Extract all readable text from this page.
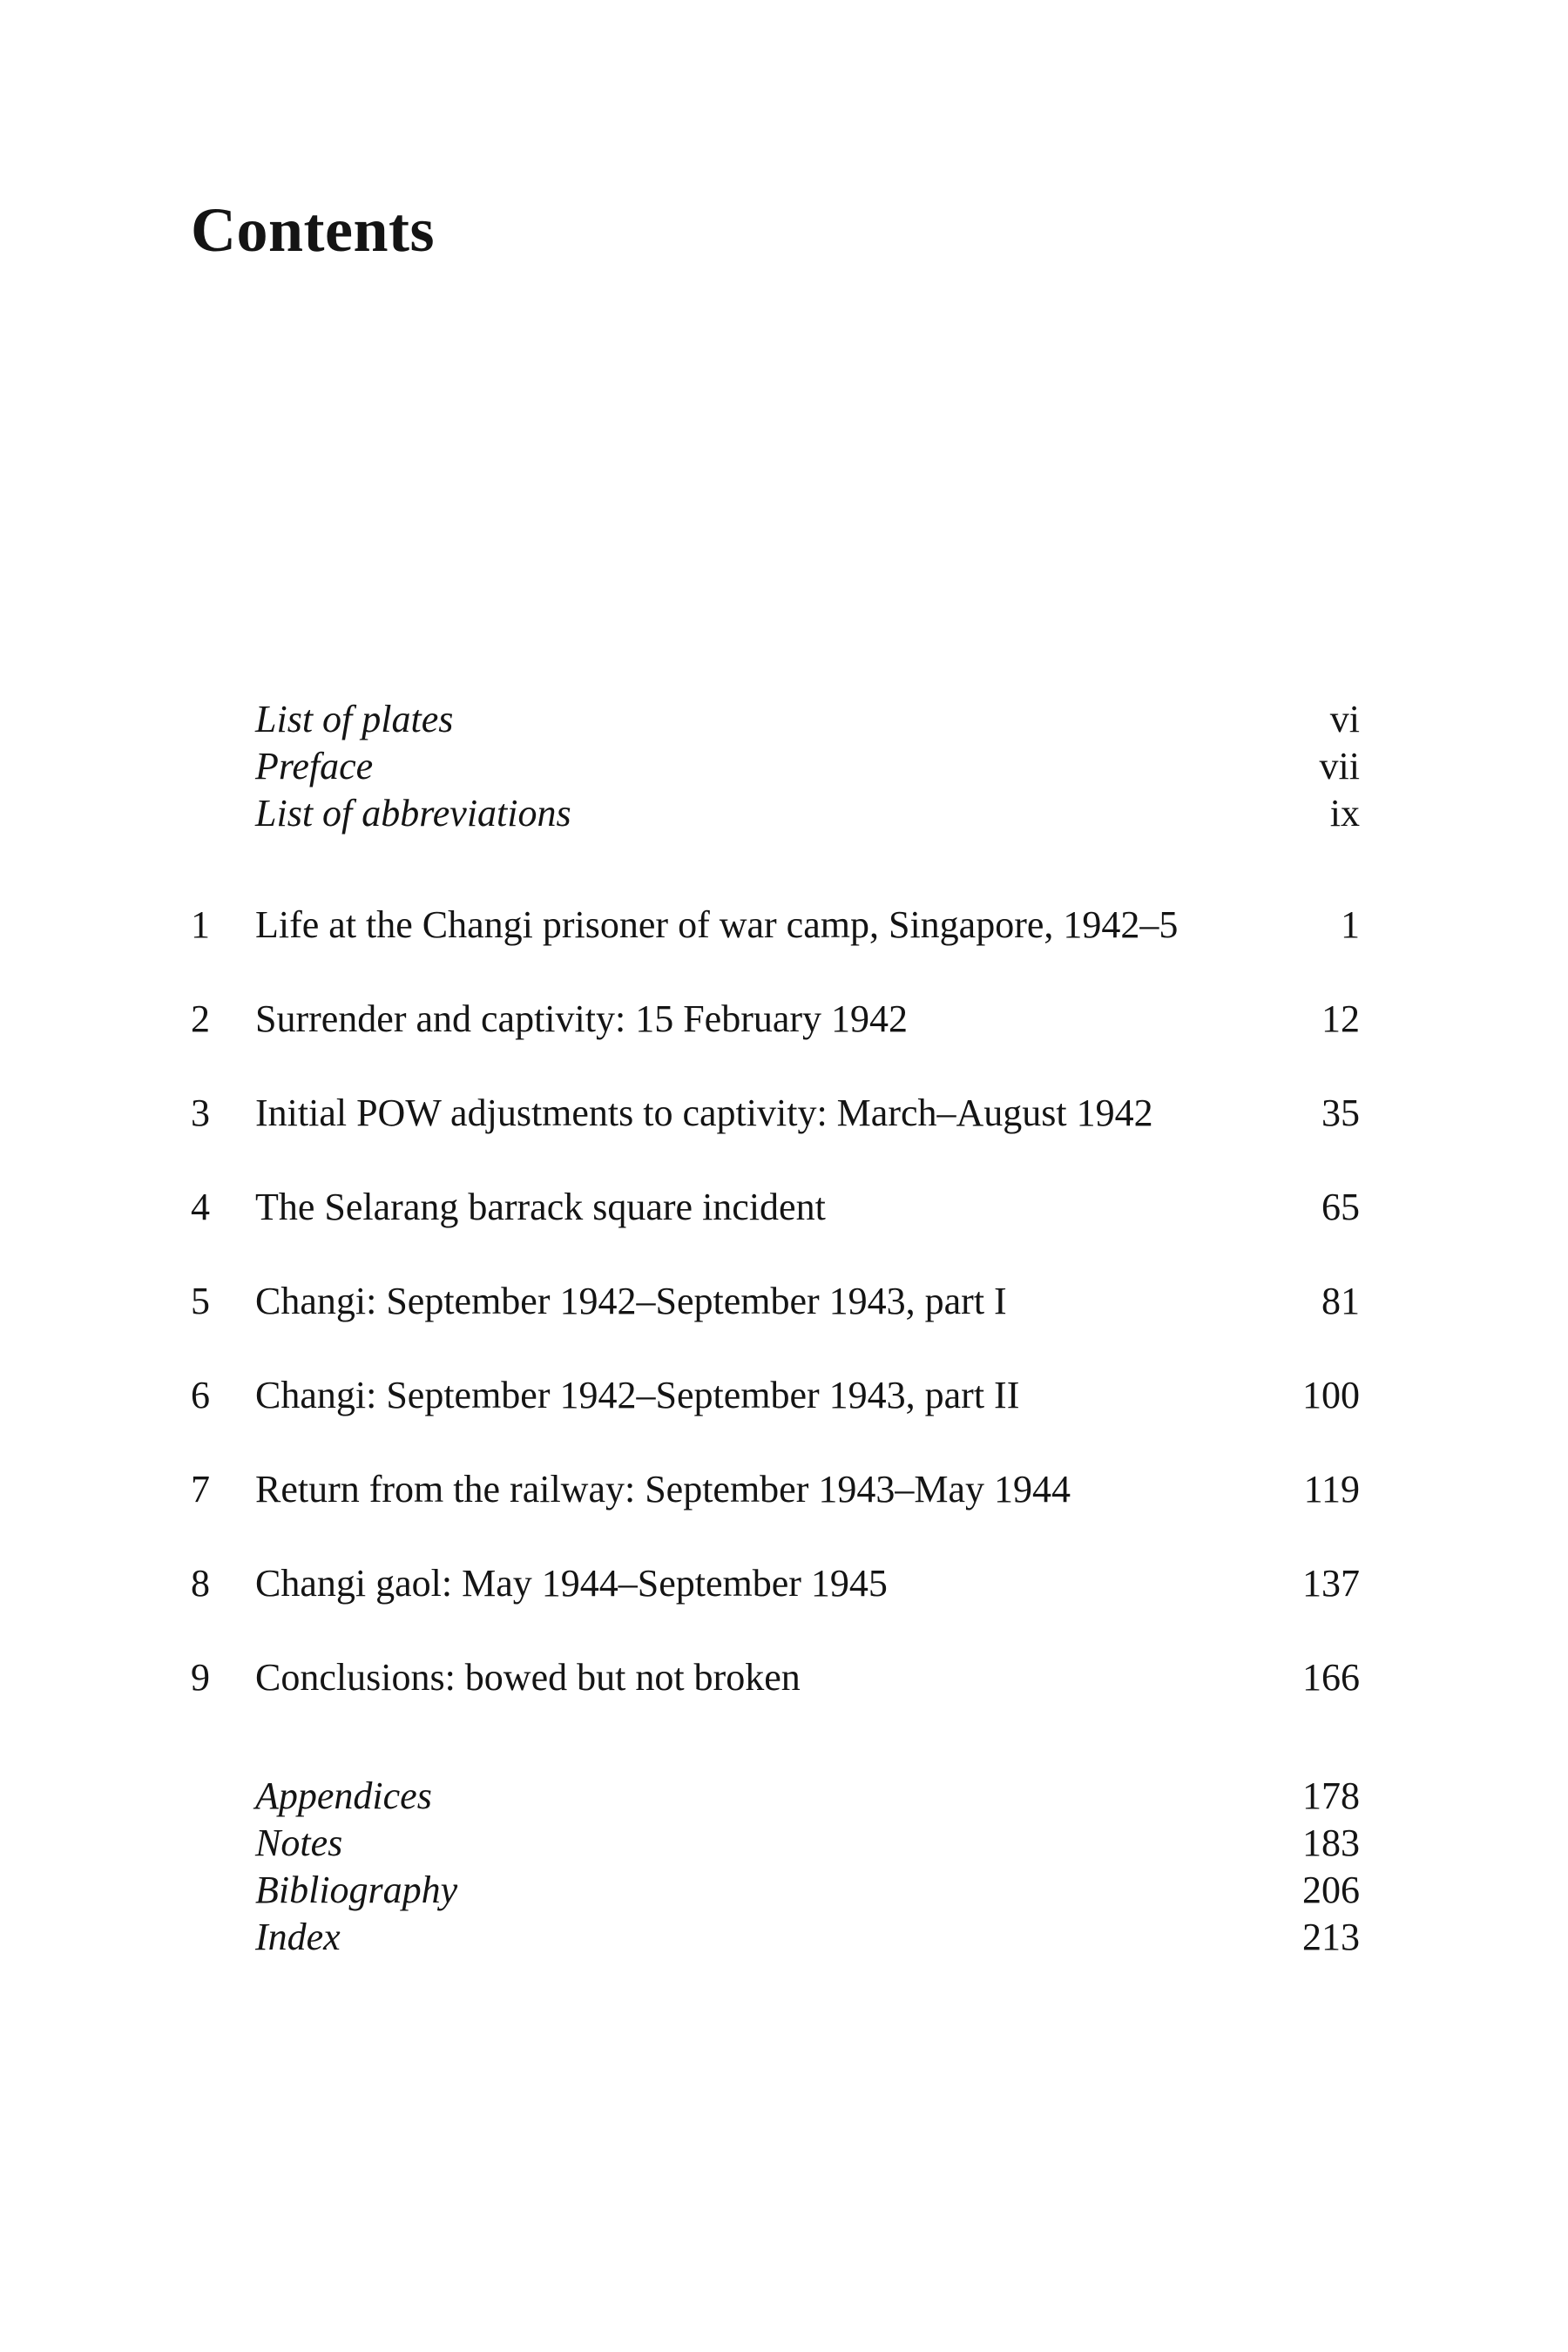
Contents
List of plates	vi
Preface	vii
List of abbreviations	ix
1 Life at the Changi prisoner of war camp, Singapore, 1942–5	1
2 Surrender and captivity: 15 February 1942	12
3 Initial POW adjustments to captivity: March–August 1942	35
4 The Selarang barrack square incident	65
5 Changi: September 1942–September 1943, part I	81
6 Changi: September 1942–September 1943, part II	100
7 Return from the railway: September 1943–May 1944	119
8 Changi gaol: May 1944–September 1945	137
9 Conclusions: bowed but not broken	166
Appendices	178
Notes	183
Bibliography	206
Index	213
